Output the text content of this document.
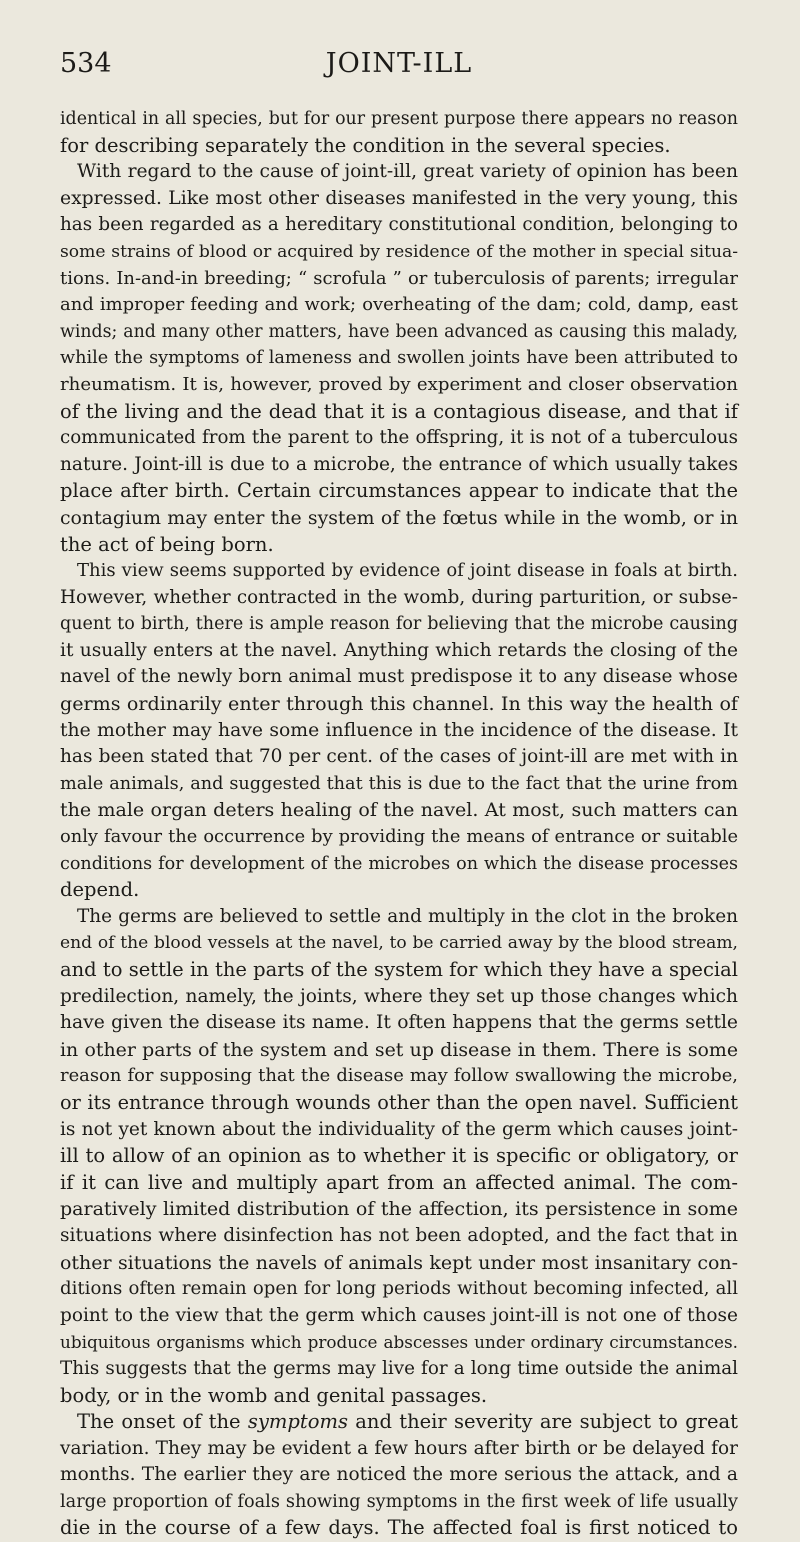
534	JOINT-ILL
identical in all species, but for our present purpose there appears no reason
for describing separately the condition in the several species.
With regard to the cause of joint-ill, great variety of opinion has been
expressed. Like most other diseases manifested in the very young, this
has been regarded as a hereditary constitutional condition, belonging to
some strains of blood or acquired by residence of the mother in special situa-
tions. In-and-in breeding; “ scrofula ” or tuberculosis of parents; irregular
and improper feeding and work; overheating of the dam; cold, damp, east
winds; and many other matters, have been advanced as causing this malady,
while the symptoms of lameness and swollen joints have been attributed to
rheumatism. It is, however, proved by experiment and closer observation
of the living and the dead that it is a contagious disease, and that if
communicated from the parent to the offspring, it is not of a tuberculous
nature. Joint-ill is due to a microbe, the entrance of which usually takes
place after birth. Certain circumstances appear to indicate that the
contagium may enter the system of the fœtus while in the womb, or in
the act of being born.
This view seems supported by evidence of joint disease in foals at birth.
However, whether contracted in the womb, during parturition, or subse-
quent to birth, there is ample reason for believing that the microbe causing
it usually enters at the navel. Anything which retards the closing of the
navel of the newly born animal must predispose it to any disease whose
germs ordinarily enter through this channel. In this way the health of
the mother may have some influence in the incidence of the disease. It
has been stated that 70 per cent. of the cases of joint-ill are met with in
male animals, and suggested that this is due to the fact that the urine from
the male organ deters healing of the navel. At most, such matters can
only favour the occurrence by providing the means of entrance or suitable
conditions for development of the microbes on which the disease processes
depend.
The germs are believed to settle and multiply in the clot in the broken
end of the blood vessels at the navel, to be carried away by the blood stream,
and to settle in the parts of the system for which they have a special
predilection, namely, the joints, where they set up those changes which
have given the disease its name. It often happens that the germs settle
in other parts of the system and set up disease in them. There is some
reason for supposing that the disease may follow swallowing the microbe,
or its entrance through wounds other than the open navel. Sufficient
is not yet known about the individuality of the germ which causes joint-
ill to allow of an opinion as to whether it is specific or obligatory, or
if it can live and multiply apart from an affected animal. The com-
paratively limited distribution of the affection, its persistence in some
situations where disinfection has not been adopted, and the fact that in
other situations the navels of animals kept under most insanitary con-
ditions often remain open for long periods without becoming infected, all
point to the view that the germ which causes joint-ill is not one of those
ubiquitous organisms which produce abscesses under ordinary circumstances.
This suggests that the germs may live for a long time outside the animal
body, or in the womb and genital passages.
The onset of the symptoms and their severity are subject to great
variation. They may be evident a few hours after birth or be delayed for
months. The earlier they are noticed the more serious the attack, and a
large proportion of foals showing symptoms in the first week of life usually
die in the course of a few days. The affected foal is first noticed to
